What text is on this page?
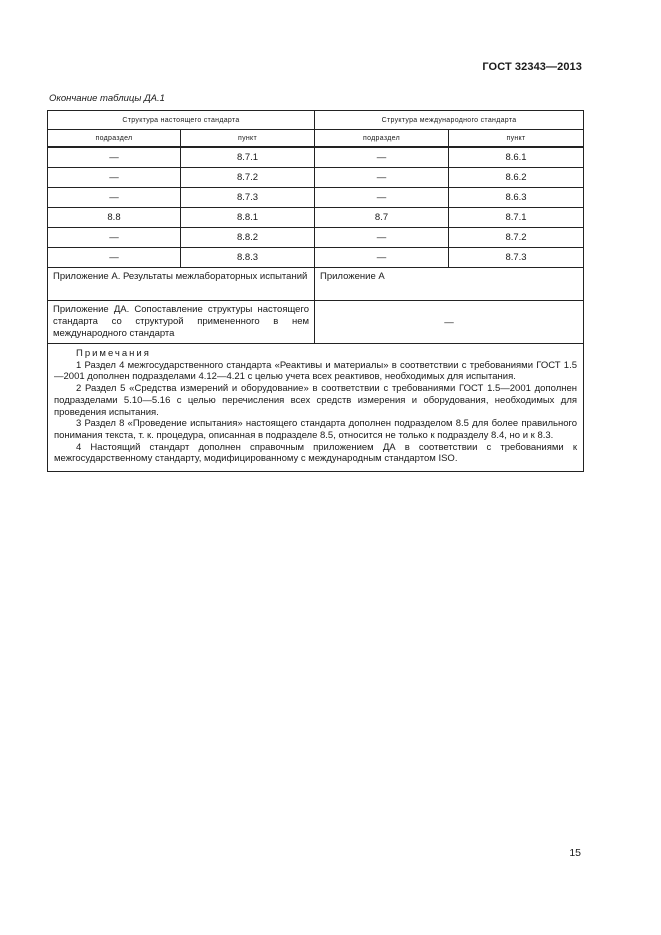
ГОСТ 32343—2013
Окончание таблицы ДА.1
Структура настоящего стандарта		Структура международного стандарта	
подраздел	пункт	подраздел	пункт
—	8.7.1	—	8.6.1
—	8.7.2	—	8.6.2
—	8.7.3	—	8.6.3
8.8	8.8.1	8.7	8.7.1
—	8.8.2	—	8.7.2
—	8.8.3	—	8.7.3
Приложение А. Результаты межлабораторных испытаний		Приложение А	
Приложение ДА. Сопоставление структуры настоящего стандарта со структурой примененного в нем международного стандарта		—	

Примечания

1 Раздел 4 межгосударственного стандарта «Реактивы и материалы» в соответствии с требованиями ГОСТ 1.5—2001 дополнен подразделами 4.12—4.21 с целью учета всех реактивов, необходимых для испытания.

2 Раздел 5 «Средства измерений и оборудование» в соответствии с требованиями ГОСТ 1.5—2001 дополнен подразделами 5.10—5.16 с целью перечисления всех средств измерения и оборудования, необходимых для проведения испытания.

3 Раздел 8 «Проведение испытания» настоящего стандарта дополнен подразделом 8.5 для более правильного понимания текста, т. к. процедура, описанная в подразделе 8.5, относится не только к подразделу 8.4, но и к 8.3.

4 Настоящий стандарт дополнен справочным приложением ДА в соответствии с требованиями к межгосударственному стандарту, модифицированному с международным стандартом ISO.			

15
